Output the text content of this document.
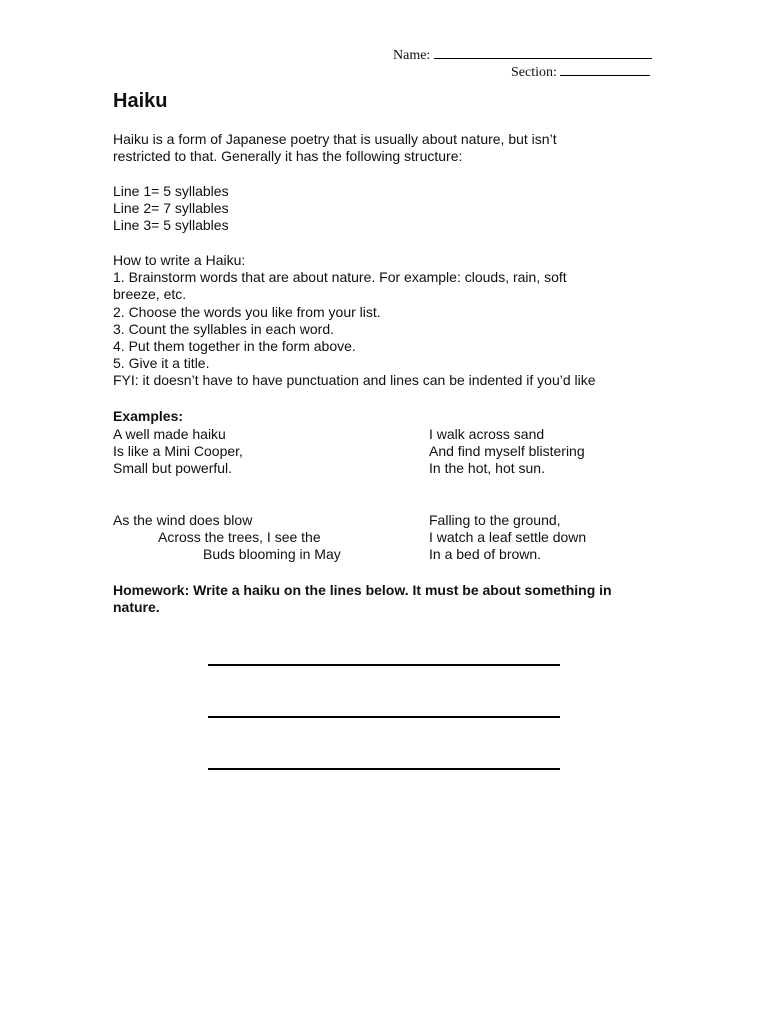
Name:
Section:
Haiku
Haiku is a form of Japanese poetry that is usually about nature, but isn’t
restricted to that. Generally it has the following structure:
Line 1= 5 syllables
Line 2= 7 syllables
Line 3= 5 syllables
How to write a Haiku:
1. Brainstorm words that are about nature. For example: clouds, rain, soft
breeze, etc.
2. Choose the words you like from your list.
3. Count the syllables in each word.
4. Put them together in the form above.
5. Give it a title.
FYI: it doesn’t have to have punctuation and lines can be indented if you’d like
Examples:
A well made haiku
Is like a Mini Cooper,
Small but powerful.
I walk across sand
And find myself blistering
In the hot, hot sun.
As the wind does blow
Across the trees, I see the
Buds blooming in May
Falling to the ground,
I watch a leaf settle down
In a bed of brown.
Homework: Write a haiku on the lines below. It must be about something in
nature.
